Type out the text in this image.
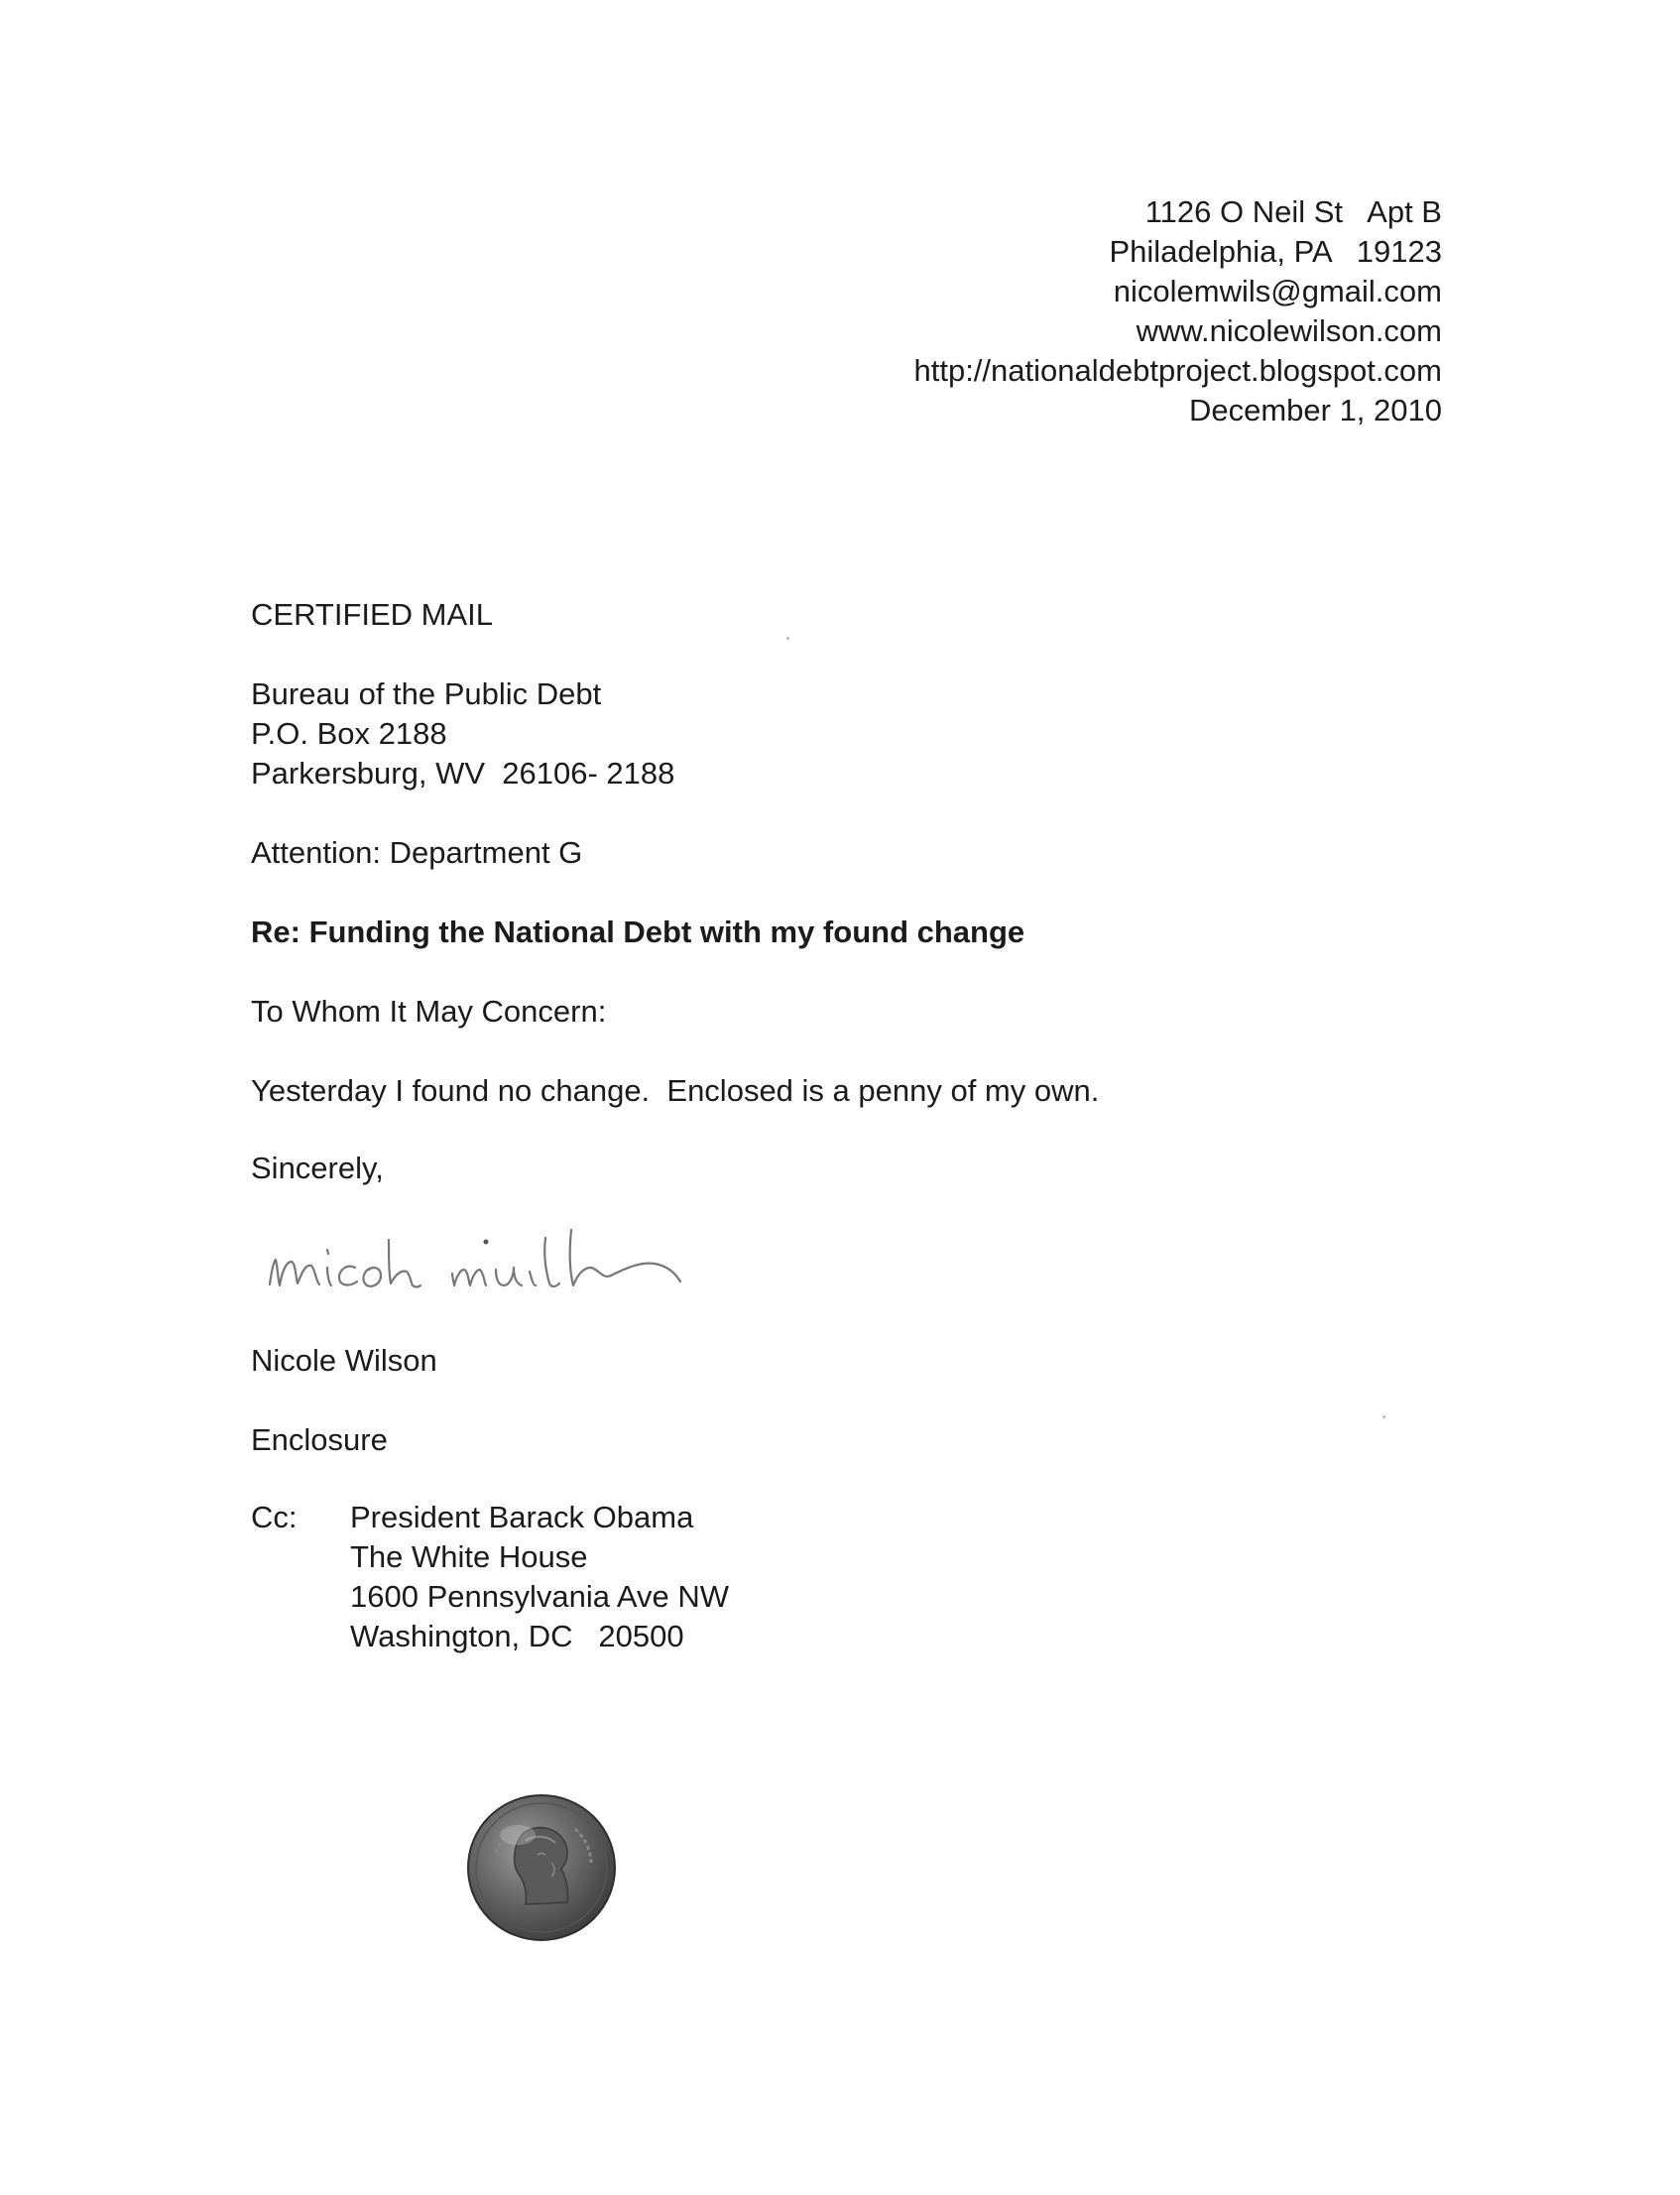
1126 O Neil St   Apt B
Philadelphia, PA   19123
nicolemwils@gmail.com
www.nicolewilson.com
http://nationaldebtproject.blogspot.com
December 1, 2010
CERTIFIED MAIL
Bureau of the Public Debt
P.O. Box 2188
Parkersburg, WV  26106- 2188
Attention: Department G
Re: Funding the National Debt with my found change
To Whom It May Concern:
Yesterday I found no change.  Enclosed is a penny of my own.
Sincerely,
Nicole Wilson
Enclosure
Cc: President Barack Obama
The White House
1600 Pennsylvania Ave NW
Washington, DC   20500
